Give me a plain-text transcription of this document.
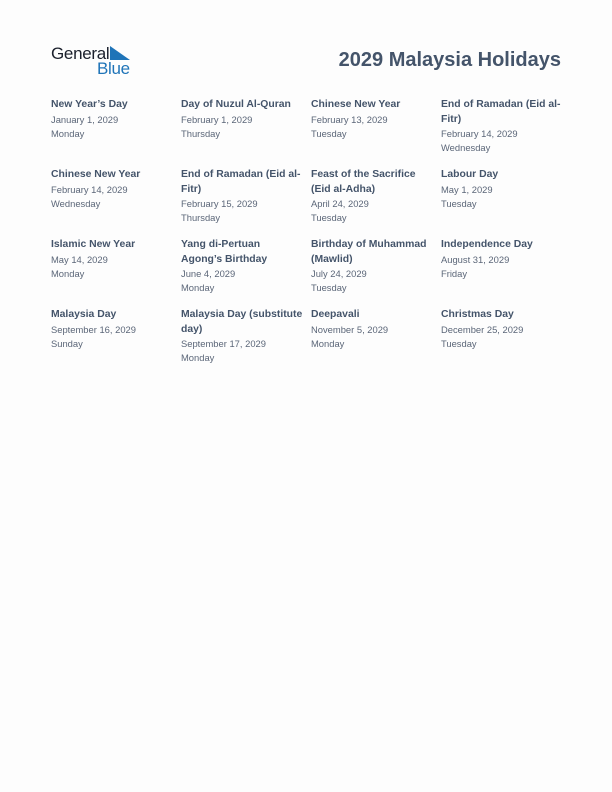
General
Blue	2029 Malaysia Holidays
New Year’s Day
January 1, 2029
Monday
Day of Nuzul Al-Quran
February 1, 2029
Thursday
Chinese New Year
February 13, 2029
Tuesday
End of Ramadan (Eid al-Fitr)
February 14, 2029
Wednesday
Chinese New Year
February 14, 2029
Wednesday
End of Ramadan (Eid al-Fitr)
February 15, 2029
Thursday
Feast of the Sacrifice (Eid al-Adha)
April 24, 2029
Tuesday
Labour Day
May 1, 2029
Tuesday
Islamic New Year
May 14, 2029
Monday
Yang di-Pertuan Agong’s Birthday
June 4, 2029
Monday
Birthday of Muhammad (Mawlid)
July 24, 2029
Tuesday
Independence Day
August 31, 2029
Friday
Malaysia Day
September 16, 2029
Sunday
Malaysia Day (substitute day)
September 17, 2029
Monday
Deepavali
November 5, 2029
Monday
Christmas Day
December 25, 2029
Tuesday
